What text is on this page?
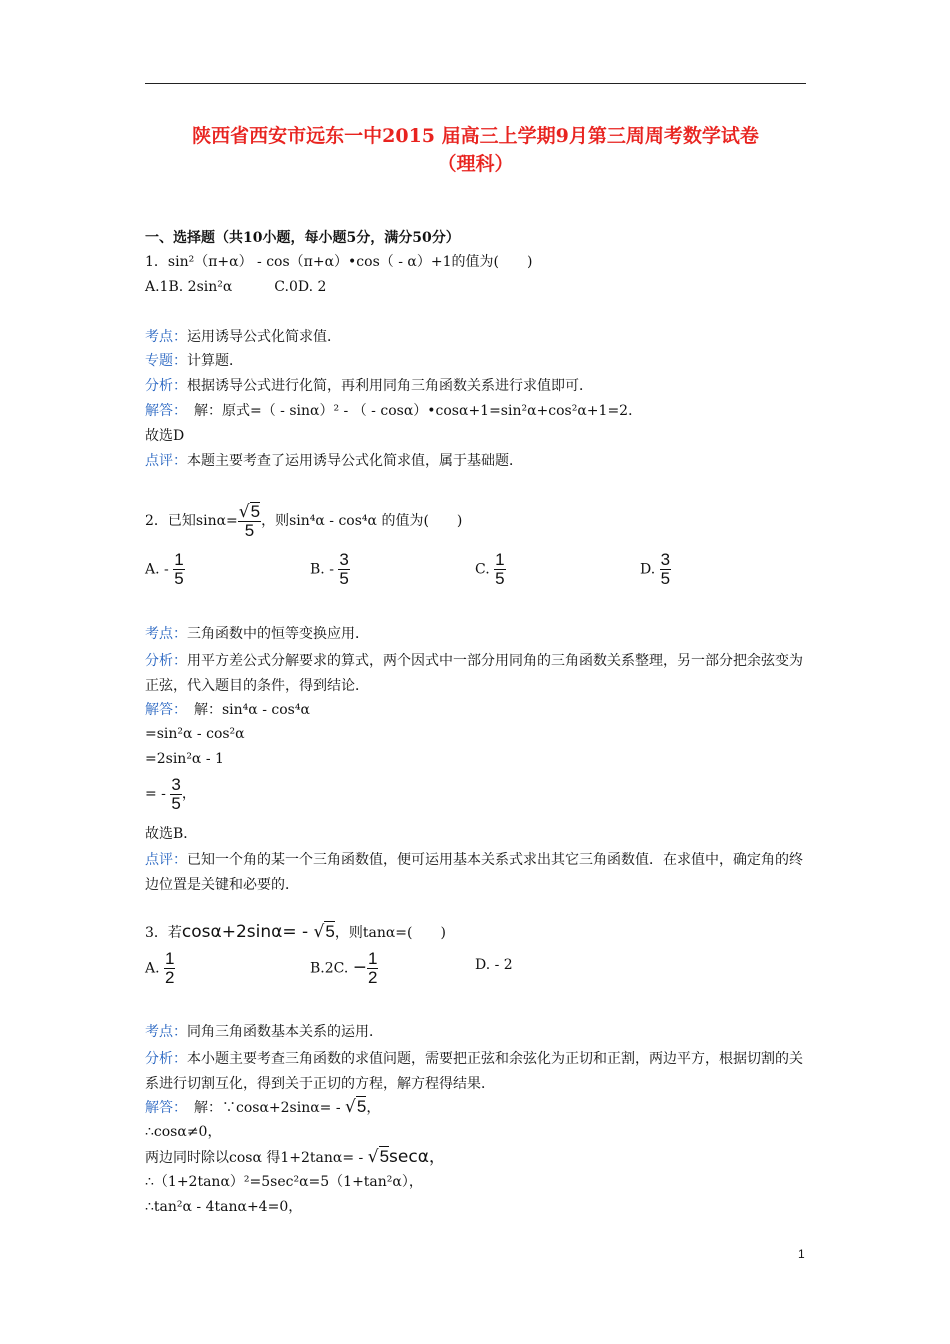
陕西省西安市远东一中2015 届高三上学期9月第三周周考数学试卷
（理科）
一、选择题（共10小题，每小题5分，满分50分）
1．sin²（π+α） - cos（π+α）•cos（ - α）+1的值为(　　)
A.1B. 2sin²α　　　C.0D. 2
考点：运用诱导公式化简求值．
专题：计算题．
分析：根据诱导公式进行化简，再利用同角三角函数关系进行求值即可．
解答：　解：原式=（ - sinα）² - （ - cosα）•cosα+1=sin²α+cos²α+1=2．
故选D
点评：本题主要考查了运用诱导公式化简求值，属于基础题．
2．已知$\sin\alpha= \frac{√5}{5}$ ，则sin⁴α - cos⁴α 的值为(　　)
A. - $\frac{1}{5}$	B. - $\frac{3}{5}$	C. $\frac{1}{5}$	D. $\frac{3}{5}$
考点：三角函数中的恒等变换应用．
分析：用平方差公式分解要求的算式，两个因式中一部分用同角的三角函数关系整理，另一部分把余弦变为正弦，代入题目的条件，得到结论．
解答：　解：sin⁴α - cos⁴α
=sin²α - cos²α
=2sin²α - 1
= - $\frac{3}{5}$ ，
故选B．
点评：已知一个角的某一个三角函数值，便可运用基本关系式求出其它三角函数值．在求值中，确定角的终边位置是关键和必要的．
3．若cosα+2sinα= - √5，则tanα=(　　)
A. $\frac{1}{2}$	B.2C. − $\frac{1}{2}$	D. - 2
考点：同角三角函数基本关系的运用．
分析：本小题主要考查三角函数的求值问题，需要把正弦和余弦化为正切和正割，两边平方，根据切割的关系进行切割互化，得到关于正切的方程，解方程得结果．
解答：　解：∵cosα+2sinα= - √5，
∴cosα≠0，
两边同时除以cosα 得1+2tanα= - √5secα，
∴（1+2tanα）²=5sec²α=5（1+tan²α），
∴tan²α - 4tanα+4=0，
1
